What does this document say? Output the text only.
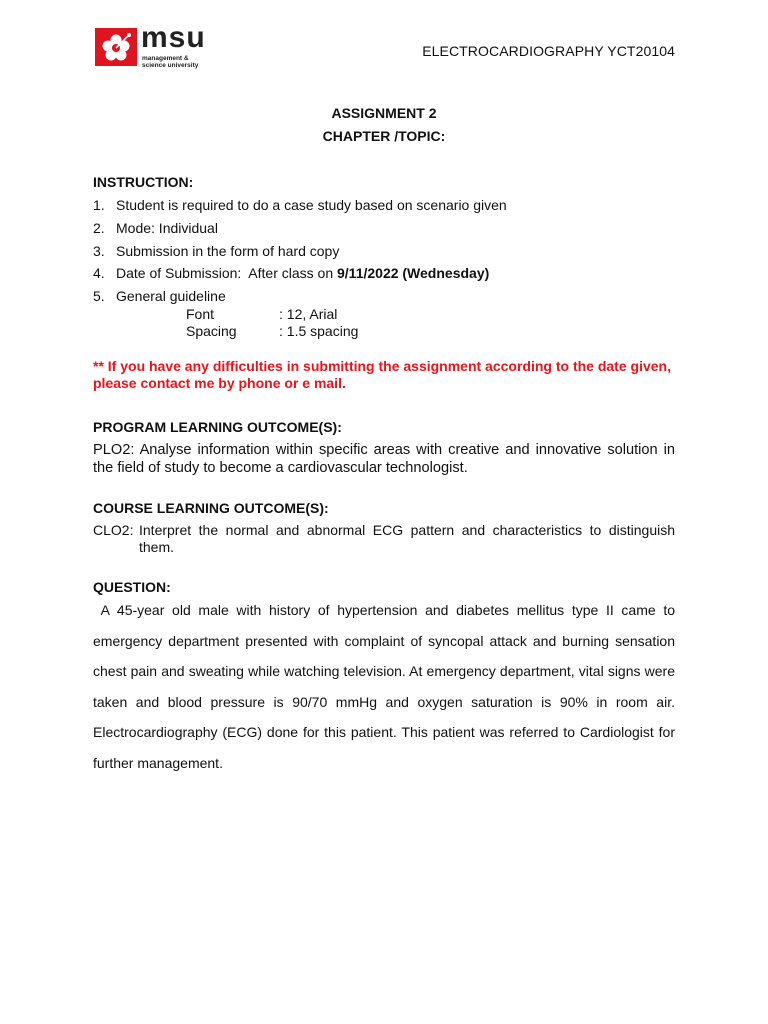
msu
management &
science university
ELECTROCARDIOGRAPHY YCT20104
ASSIGNMENT 2
CHAPTER /TOPIC:
INSTRUCTION:
1. Student is required to do a case study based on scenario given
2. Mode: Individual
3. Submission in the form of hard copy
4. Date of Submission:  After class on 9/11/2022 (Wednesday)
5. General guideline
Font	: 12, Arial
Spacing	: 1.5 spacing
** If you have any difficulties in submitting the assignment according to the date given, please contact me by phone or e mail.
PROGRAM LEARNING OUTCOME(S):
PLO2: Analyse information within specific areas with creative and innovative solution in the field of study to become a cardiovascular technologist.
COURSE LEARNING OUTCOME(S):
CLO2: Interpret the normal and abnormal ECG pattern and characteristics to distinguish them.
QUESTION:
A 45-year old male with history of hypertension and diabetes mellitus type II came to emergency department presented with complaint of syncopal attack and burning sensation chest pain and sweating while watching television. At emergency department, vital signs were taken and blood pressure is 90/70 mmHg and oxygen saturation is 90% in room air. Electrocardiography (ECG) done for this patient. This patient was referred to Cardiologist for further management.
